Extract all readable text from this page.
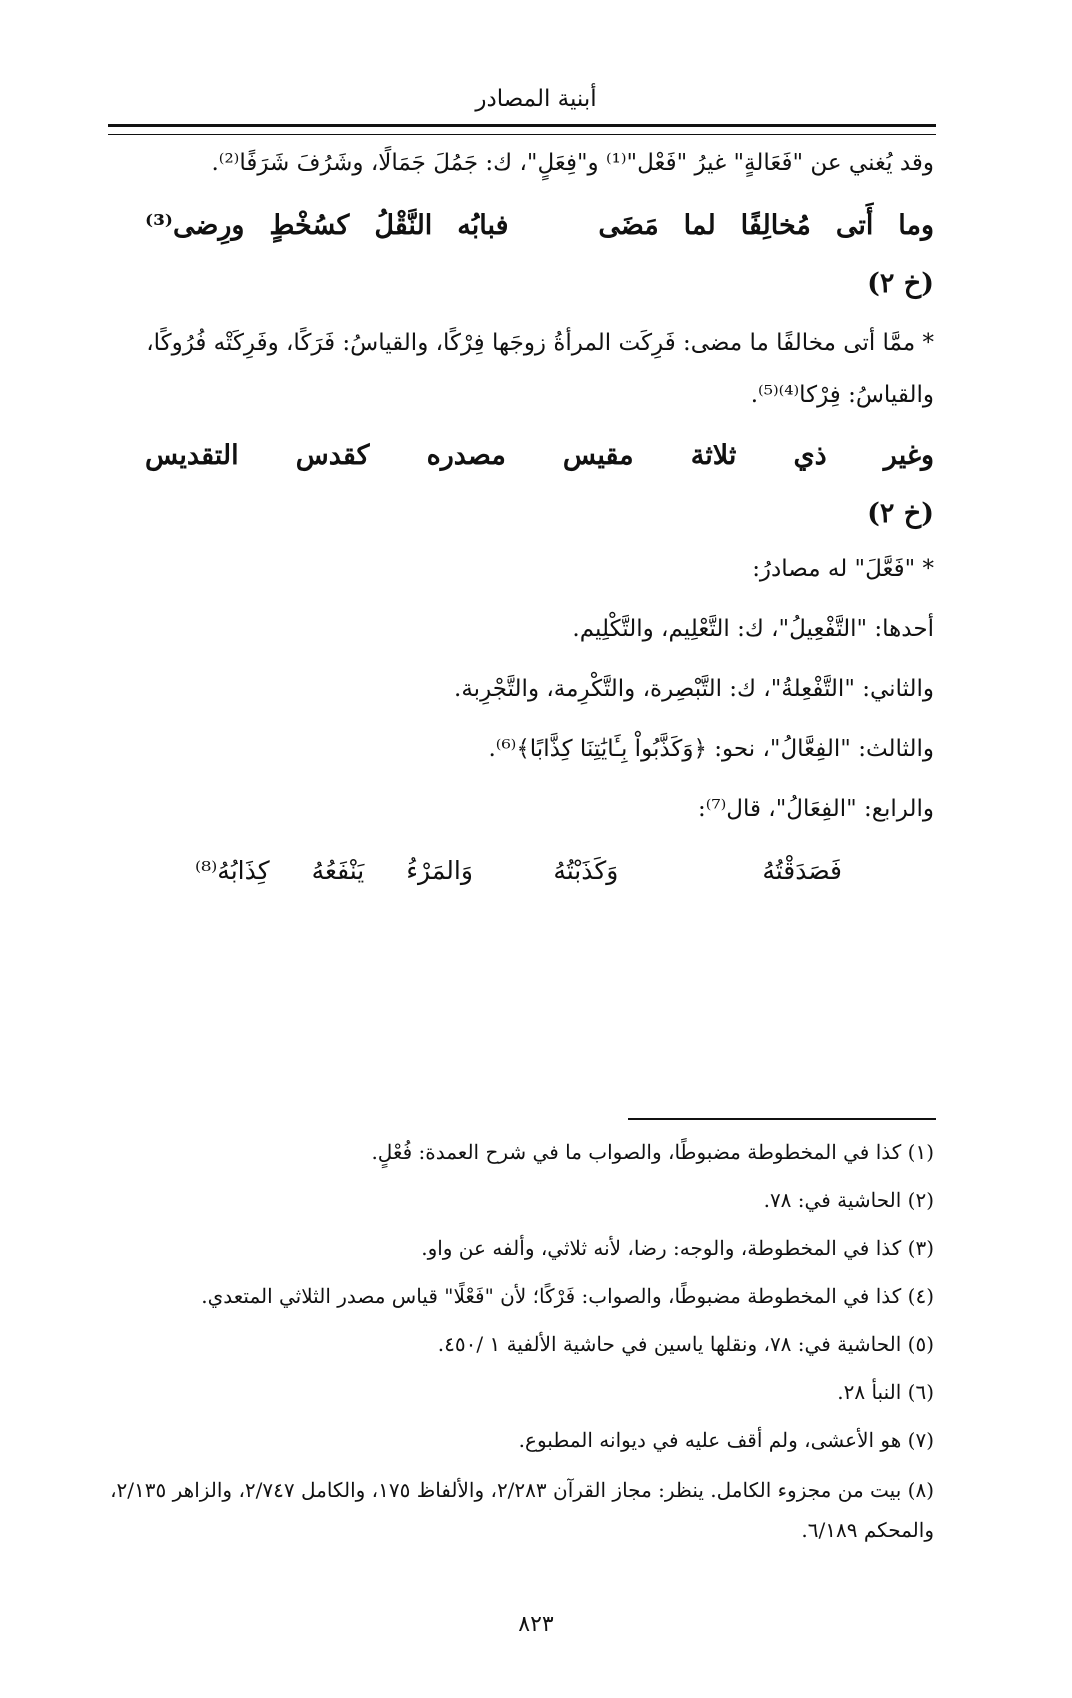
أبنية المصادر
وقد يُغني عن "فَعَالةٍ" غيرُ "فَعْل"⁽¹⁾ و"فِعَلٍ"، ك: جَمُلَ جَمَالًا، وشَرُفَ شَرَفًا⁽²⁾.
وما
أَتى
مُخالِفًا
لما
مَضَى
فبابُه
النَّقْلُ
كسُخْطٍ
ورِضى⁽³⁾
(خ ٢)
* ممَّا أتى مخالفًا ما مضى: فَرِكَت المرأةُ زوجَها فِرْكًا، والقياسُ: فَرَكًا، وفَرِكَتْه فُرُوكًا،
والقياسُ: فِرْكا⁽⁴⁾⁽⁵⁾.
وغير
ذي
ثلاثة
مقيس
مصدره
كقدس
التقديس
(خ ٢)
* "فَعَّلَ" له مصادرُ:
أحدها: "التَّفْعِيلُ"، ك: التَّعْلِيم، والتَّكْلِيم.
والثاني: "التَّفْعِلةُ"، ك: التَّبْصِرة، والتَّكْرِمة، والتَّجْرِبة.
والثالث: "الفِعَّالُ"، نحو: ﴿وَكَذَّبُواْ بِـَٔايَٰتِنَا كِذَّابًا﴾⁽⁶⁾.
والرابع: "الفِعَالُ"، قال⁽⁷⁾:
فَصَدَقْتُهُ
وَكَذَبْتُهُ
وَالمَرْءُ
يَنْفَعُهُ
كِذَابُهُ⁽⁸⁾
(١) كذا في المخطوطة مضبوطًا، والصواب ما في شرح العمدة: فُعْلٍ.
(٢) الحاشية في: ٧٨.
(٣) كذا في المخطوطة، والوجه: رضا، لأنه ثلاثي، وألفه عن واو.
(٤) كذا في المخطوطة مضبوطًا، والصواب: فَرْكًا؛ لأن "فَعْلًا" قياس مصدر الثلاثي المتعدي.
(٥) الحاشية في: ٧٨، ونقلها ياسين في حاشية الألفية ١ /٤٥٠.
(٦) النبأ ٢٨.
(٧) هو الأعشى، ولم أقف عليه في ديوانه المطبوع.
(٨) بيت من مجزوء الكامل. ينظر: مجاز القرآن ٢/٢٨٣، والألفاظ ١٧٥، والكامل ٢/٧٤٧، والزاهر ٢/١٣٥، والمحكم ٦/١٨٩.
٨٢٣
